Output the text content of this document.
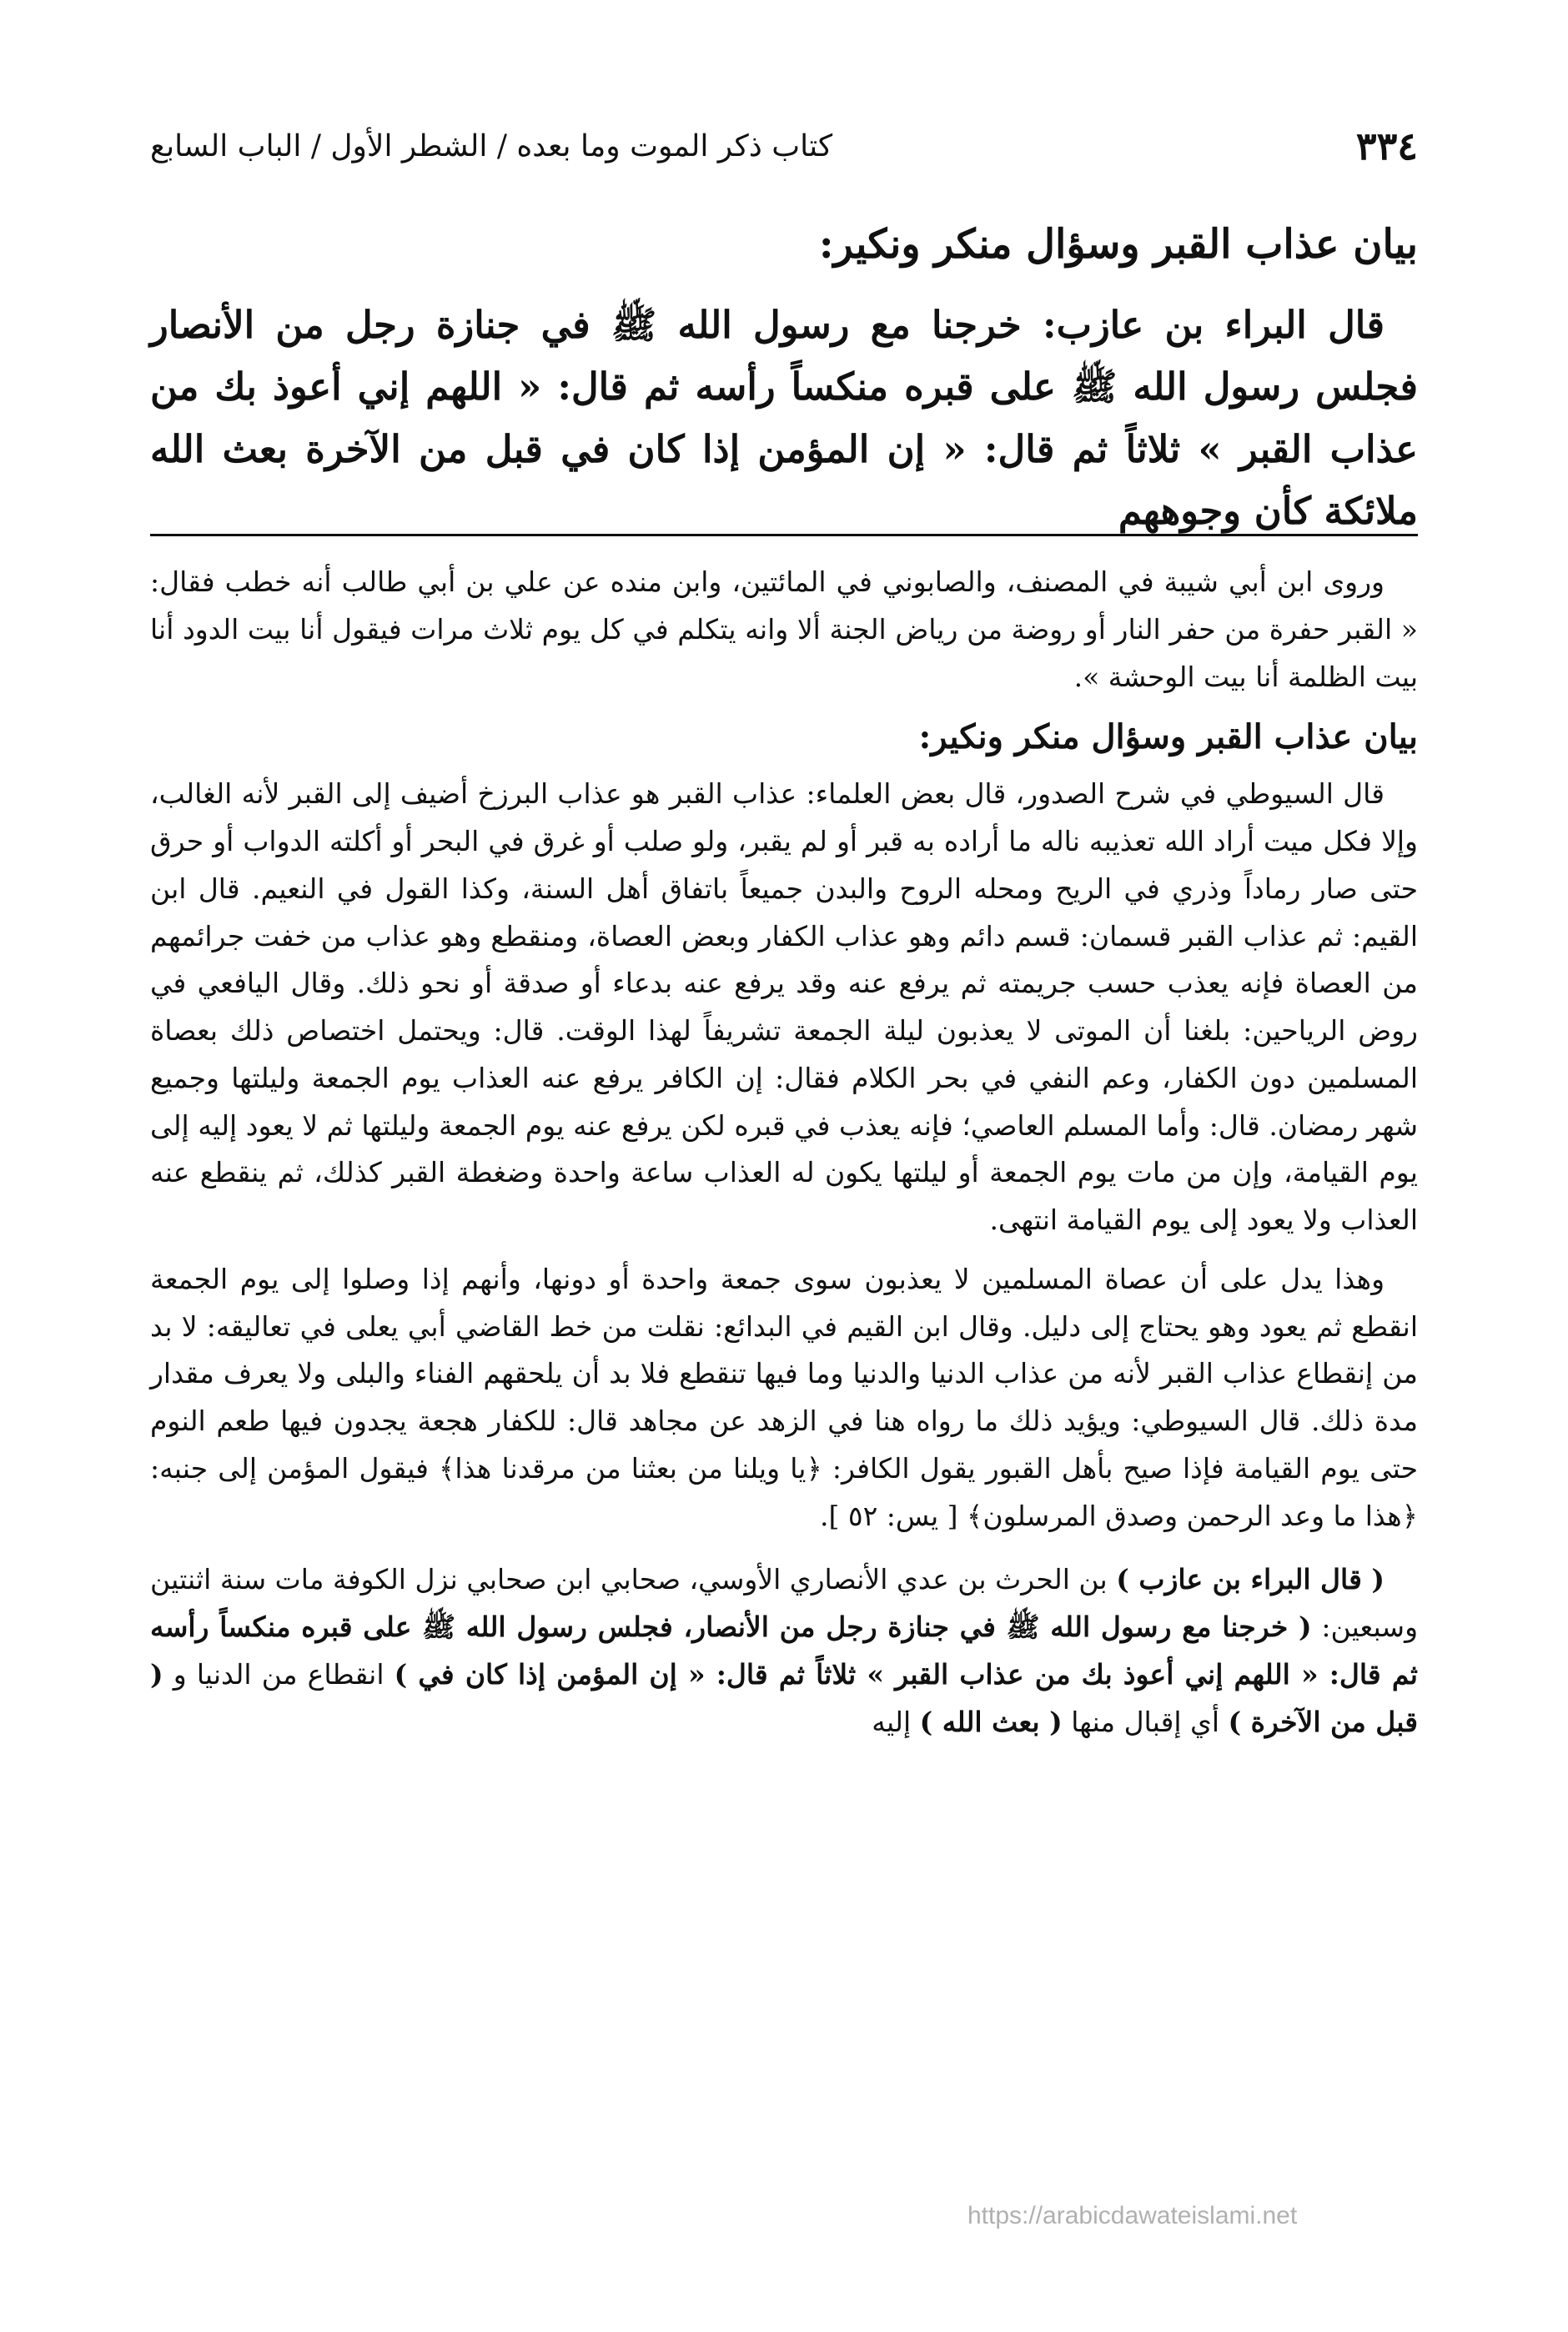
٣٣٤
كتاب ذكر الموت وما بعده / الشطر الأول / الباب السابع
بيان عذاب القبر وسؤال منكر ونكير:

قال البراء بن عازب: خرجنا مع رسول الله ﷺ في جنازة رجل من الأنصار فجلس رسول الله ﷺ على قبره منكساً رأسه ثم قال: « اللهم إني أعوذ بك من عذاب القبر » ثلاثاً ثم قال: « إن المؤمن إذا كان في قبل من الآخرة بعث الله ملائكة كأن وجوههم

وروى ابن أبي شيبة في المصنف، والصابوني في المائتين، وابن منده عن علي بن أبي طالب أنه خطب فقال: « القبر حفرة من حفر النار أو روضة من رياض الجنة ألا وانه يتكلم في كل يوم ثلاث مرات فيقول أنا بيت الدود أنا بيت الظلمة أنا بيت الوحشة ».

بيان عذاب القبر وسؤال منكر ونكير:

قال السيوطي في شرح الصدور، قال بعض العلماء: عذاب القبر هو عذاب البرزخ أضيف إلى القبر لأنه الغالب، وإلا فكل ميت أراد الله تعذيبه ناله ما أراده به قبر أو لم يقبر، ولو صلب أو غرق في البحر أو أكلته الدواب أو حرق حتى صار رماداً وذري في الريح ومحله الروح والبدن جميعاً باتفاق أهل السنة، وكذا القول في النعيم. قال ابن القيم: ثم عذاب القبر قسمان: قسم دائم وهو عذاب الكفار وبعض العصاة، ومنقطع وهو عذاب من خفت جرائمهم من العصاة فإنه يعذب حسب جريمته ثم يرفع عنه وقد يرفع عنه بدعاء أو صدقة أو نحو ذلك. وقال اليافعي في روض الرياحين: بلغنا أن الموتى لا يعذبون ليلة الجمعة تشريفاً لهذا الوقت. قال: ويحتمل اختصاص ذلك بعصاة المسلمين دون الكفار، وعم النفي في بحر الكلام فقال: إن الكافر يرفع عنه العذاب يوم الجمعة وليلتها وجميع شهر رمضان. قال: وأما المسلم العاصي؛ فإنه يعذب في قبره لكن يرفع عنه يوم الجمعة وليلتها ثم لا يعود إليه إلى يوم القيامة، وإن من مات يوم الجمعة أو ليلتها يكون له العذاب ساعة واحدة وضغطة القبر كذلك، ثم ينقطع عنه العذاب ولا يعود إلى يوم القيامة انتهى.

وهذا يدل على أن عصاة المسلمين لا يعذبون سوى جمعة واحدة أو دونها، وأنهم إذا وصلوا إلى يوم الجمعة انقطع ثم يعود وهو يحتاج إلى دليل. وقال ابن القيم في البدائع: نقلت من خط القاضي أبي يعلى في تعاليقه: لا بد من إنقطاع عذاب القبر لأنه من عذاب الدنيا والدنيا وما فيها تنقطع فلا بد أن يلحقهم الفناء والبلى ولا يعرف مقدار مدة ذلك. قال السيوطي: ويؤيد ذلك ما رواه هنا في الزهد عن مجاهد قال: للكفار هجعة يجدون فيها طعم النوم حتى يوم القيامة فإذا صيح بأهل القبور يقول الكافر: ﴿يا ويلنا من بعثنا من مرقدنا هذا﴾ فيقول المؤمن إلى جنبه: ﴿هذا ما وعد الرحمن وصدق المرسلون﴾ [ يس: ٥٢ ].

( قال البراء بن عازب ) بن الحرث بن عدي الأنصاري الأوسي، صحابي ابن صحابي نزل الكوفة مات سنة اثنتين وسبعين: ( خرجنا مع رسول الله ﷺ في جنازة رجل من الأنصار، فجلس رسول الله ﷺ على قبره منكساً رأسه ثم قال: « اللهم إني أعوذ بك من عذاب القبر » ثلاثاً ثم قال: « إن المؤمن إذا كان في ) انقطاع من الدنيا و ( قبل من الآخرة ) أي إقبال منها ( بعث الله ) إليه

https://arabicdawateislami.net
